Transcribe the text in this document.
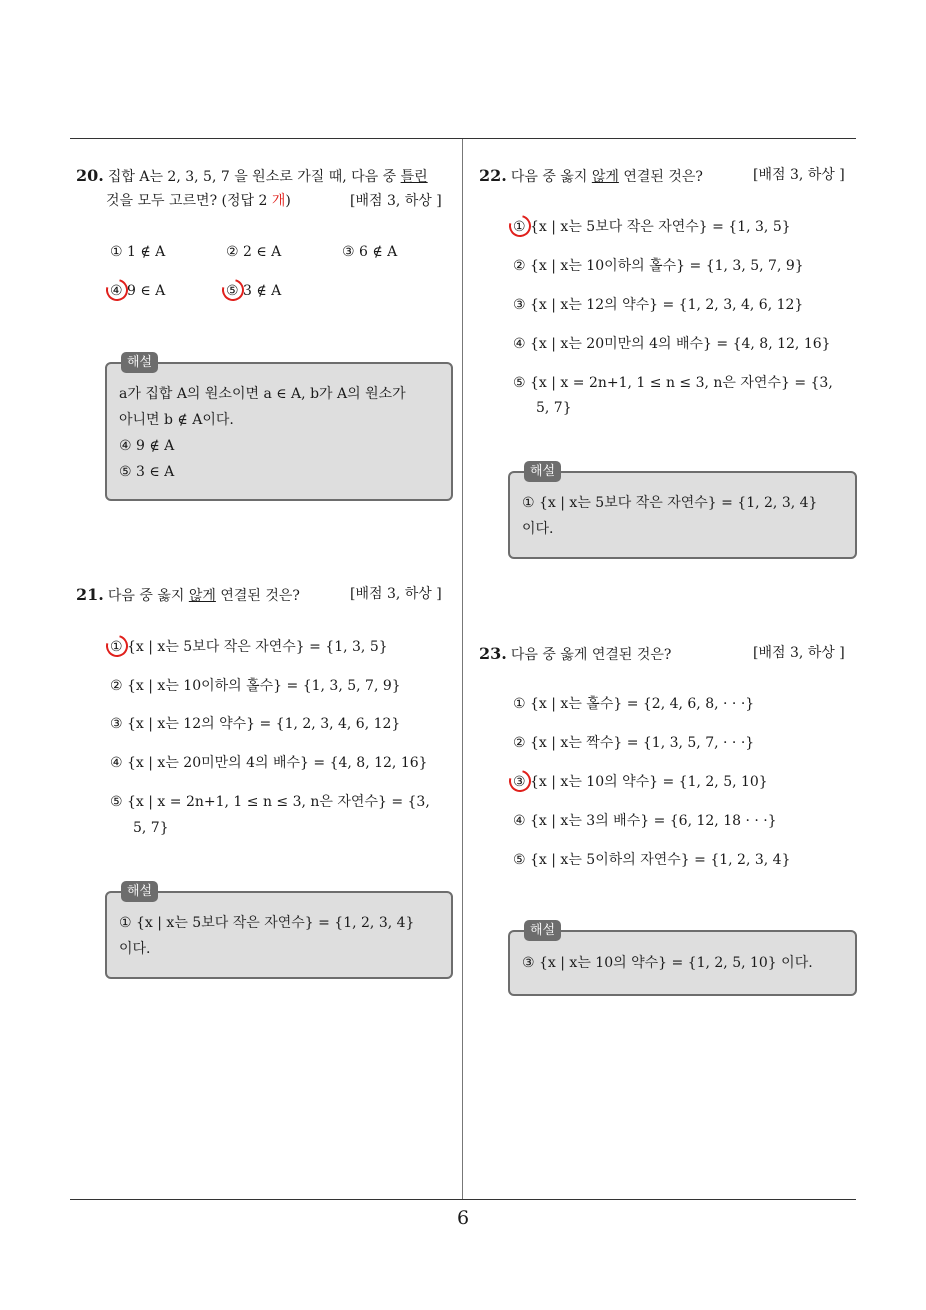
20. 집합 A는 2, 3, 5, 7 을 원소로 가질 때, 다음 중 틀린
것을 모두 고르면? (정답 2 개)	[배점 3, 하상 ]
① 1 ∉ A	② 2 ∈ A	③ 6 ∉ A
④ 9 ∈ A	⑤ 3 ∉ A
해설
a가 집합 A의 원소이면 a ∈ A, b가 A의 원소가
아니면 b ∉ A이다.
④ 9 ∉ A
⑤ 3 ∈ A
21. 다음 중 옳지 않게 연결된 것은?	[배점 3, 하상 ]
① {x | x는 5보다 작은 자연수} = {1, 3, 5}
② {x | x는 10이하의 홀수} = {1, 3, 5, 7, 9}
③ {x | x는 12의 약수} = {1, 2, 3, 4, 6, 12}
④ {x | x는 20미만의 4의 배수} = {4, 8, 12, 16}
⑤ {x | x = 2n+1, 1 ≤ n ≤ 3, n은 자연수} = {3,
5, 7}
해설
① {x | x는 5보다 작은 자연수} = {1, 2, 3, 4}
이다.
22. 다음 중 옳지 않게 연결된 것은?	[배점 3, 하상 ]
① {x | x는 5보다 작은 자연수} = {1, 3, 5}
② {x | x는 10이하의 홀수} = {1, 3, 5, 7, 9}
③ {x | x는 12의 약수} = {1, 2, 3, 4, 6, 12}
④ {x | x는 20미만의 4의 배수} = {4, 8, 12, 16}
⑤ {x | x = 2n+1, 1 ≤ n ≤ 3, n은 자연수} = {3,
5, 7}
해설
① {x | x는 5보다 작은 자연수} = {1, 2, 3, 4}
이다.
23. 다음 중 옳게 연결된 것은?	[배점 3, 하상 ]
① {x | x는 홀수} = {2, 4, 6, 8, · · ·}
② {x | x는 짝수} = {1, 3, 5, 7, · · ·}
③ {x | x는 10의 약수} = {1, 2, 5, 10}
④ {x | x는 3의 배수} = {6, 12, 18 · · ·}
⑤ {x | x는 5이하의 자연수} = {1, 2, 3, 4}
해설
③ {x | x는 10의 약수} = {1, 2, 5, 10} 이다.
6
